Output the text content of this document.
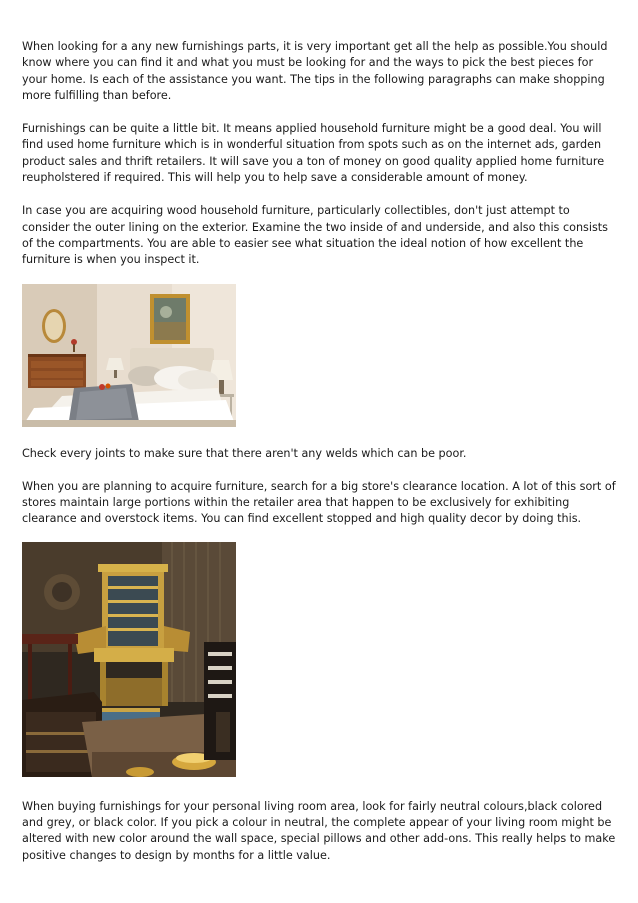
When looking for a any new furnishings parts, it is very important get all the help as possible.You should know where you can find it and what you must be looking for and the ways to pick the best pieces for your home. Is each of the assistance you want. The tips in the following paragraphs can make shopping more fulfilling than before.

Furnishings can be quite a little bit. It means applied household furniture might be a good deal. You will find used home furniture which is in wonderful situation from spots such as on the internet ads, garden product sales and thrift retailers. It will save you a ton of money on good quality applied home furniture reupholstered if required. This will help you to help save a considerable amount of money.

In case you are acquiring wood household furniture, particularly collectibles, don't just attempt to consider the outer lining on the exterior. Examine the two inside of and underside, and also this consists of the compartments. You are able to easier see what situation the ideal notion of how excellent the furniture is when you inspect it.

Check every joints to make sure that there aren't any welds which can be poor.

When you are planning to acquire furniture, search for a big store's clearance location. A lot of this sort of stores maintain large portions within the retailer area that happen to be exclusively for exhibiting clearance and overstock items. You can find excellent stopped and high quality decor by doing this.

When buying furnishings for your personal living room area, look for fairly neutral colours,black colored and grey, or black color. If you pick a colour in neutral, the complete appear of your living room might be altered with new color around the wall space, special pillows and other add-ons. This really helps to make positive changes to design by months for a little value.
